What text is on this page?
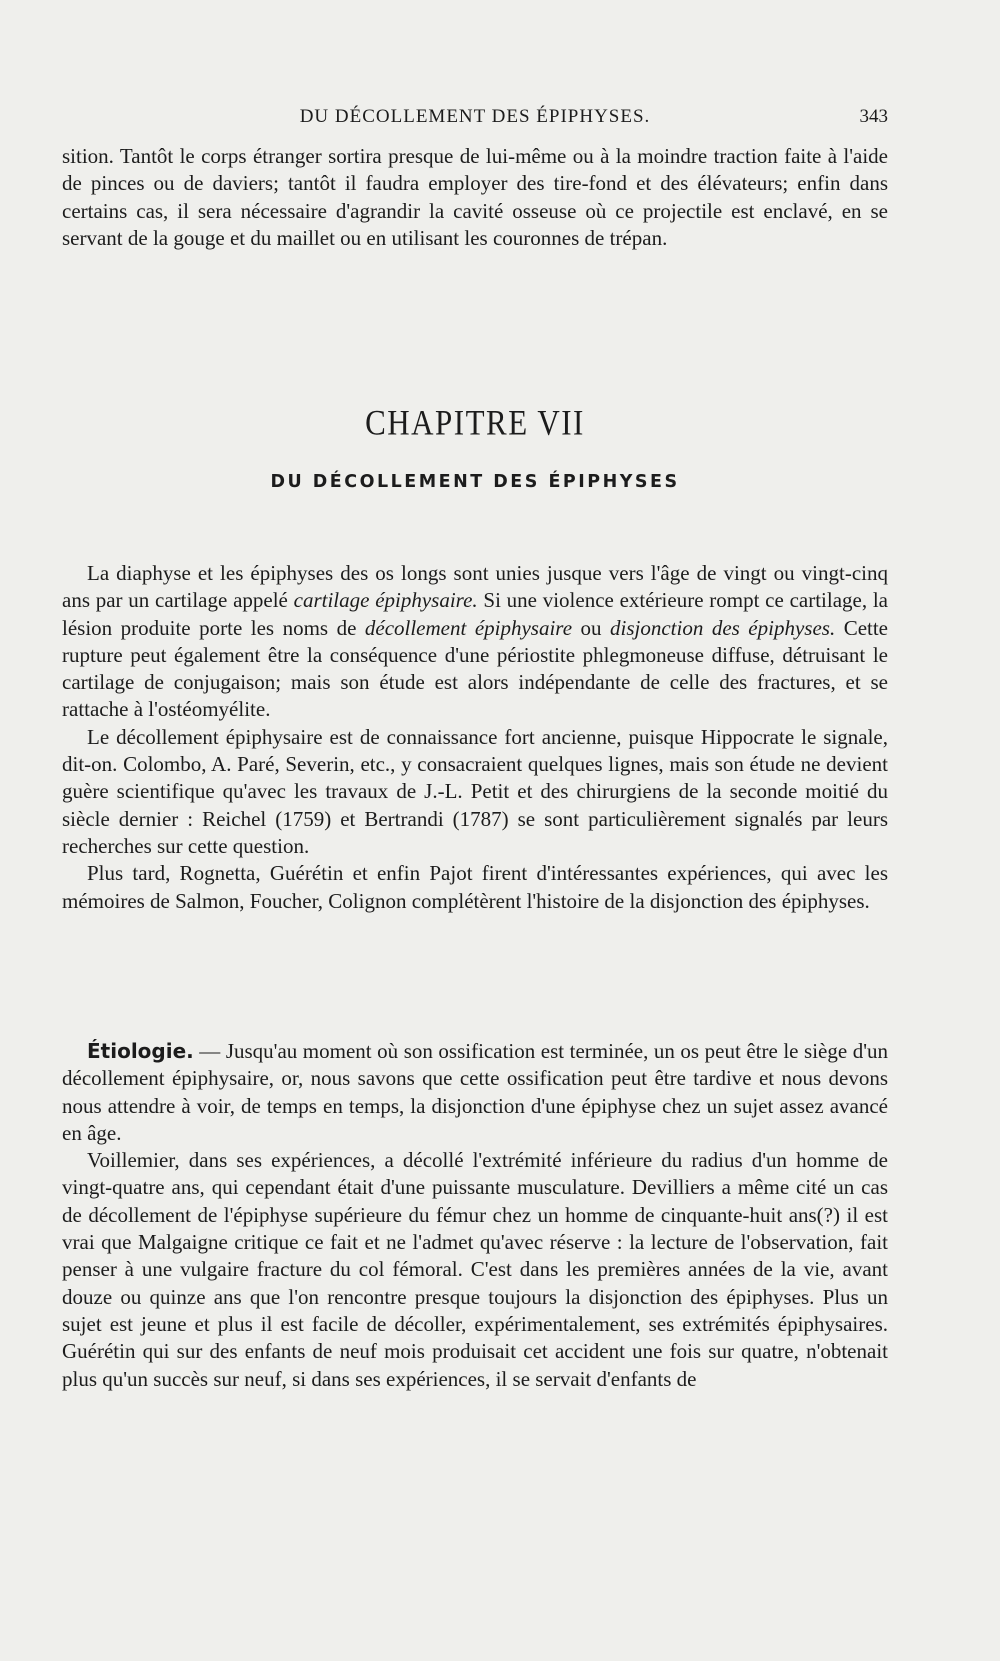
DU DÉCOLLEMENT DES ÉPIPHYSES.	343

sition. Tantôt le corps étranger sortira presque de lui-même ou à la moindre traction faite à l'aide de pinces ou de daviers; tantôt il faudra employer des tire-fond et des élévateurs; enfin dans certains cas, il sera nécessaire d'agrandir la cavité osseuse où ce projectile est enclavé, en se servant de la gouge et du maillet ou en utilisant les couronnes de trépan.

CHAPITRE VII
DU DÉCOLLEMENT DES ÉPIPHYSES

La diaphyse et les épiphyses des os longs sont unies jusque vers l'âge de vingt ou vingt-cinq ans par un cartilage appelé cartilage épiphysaire. Si une violence extérieure rompt ce cartilage, la lésion produite porte les noms de décollement épiphysaire ou disjonction des épiphyses. Cette rupture peut également être la conséquence d'une périostite phlegmoneuse diffuse, détruisant le cartilage de conjugaison; mais son étude est alors indépendante de celle des fractures, et se rattache à l'ostéomyélite.

Le décollement épiphysaire est de connaissance fort ancienne, puisque Hippocrate le signale, dit-on. Colombo, A. Paré, Severin, etc., y consacraient quelques lignes, mais son étude ne devient guère scientifique qu'avec les travaux de J.-L. Petit et des chirurgiens de la seconde moitié du siècle dernier : Reichel (1759) et Bertrandi (1787) se sont particulièrement signalés par leurs recherches sur cette question.

Plus tard, Rognetta, Guérétin et enfin Pajot firent d'intéressantes expériences, qui avec les mémoires de Salmon, Foucher, Colignon complétèrent l'histoire de la disjonction des épiphyses.

Étiologie. — Jusqu'au moment où son ossification est terminée, un os peut être le siège d'un décollement épiphysaire, or, nous savons que cette ossification peut être tardive et nous devons nous attendre à voir, de temps en temps, la disjonction d'une épiphyse chez un sujet assez avancé en âge.

Voillemier, dans ses expériences, a décollé l'extrémité inférieure du radius d'un homme de vingt-quatre ans, qui cependant était d'une puissante musculature. Devilliers a même cité un cas de décollement de l'épiphyse supérieure du fémur chez un homme de cinquante-huit ans(?) il est vrai que Malgaigne critique ce fait et ne l'admet qu'avec réserve : la lecture de l'observation, fait penser à une vulgaire fracture du col fémoral. C'est dans les premières années de la vie, avant douze ou quinze ans que l'on rencontre presque toujours la disjonction des épiphyses. Plus un sujet est jeune et plus il est facile de décoller, expérimentalement, ses extrémités épiphysaires. Guérétin qui sur des enfants de neuf mois produisait cet accident une fois sur quatre, n'obtenait plus qu'un succès sur neuf, si dans ses expériences, il se servait d'enfants de
